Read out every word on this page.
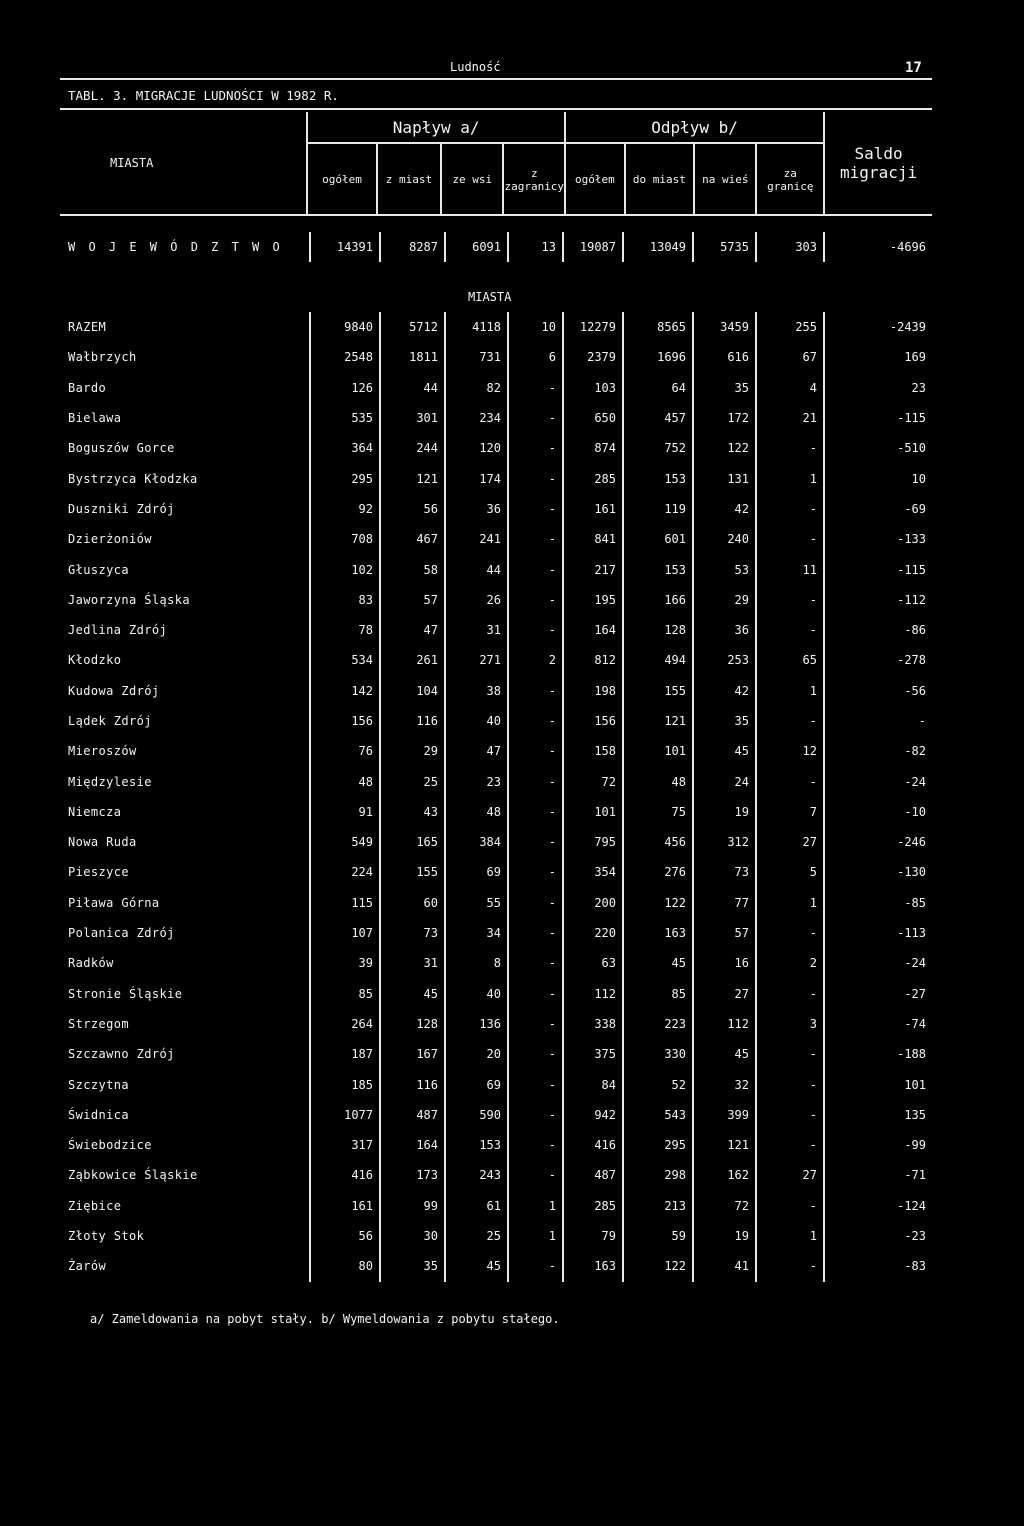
Ludność	17
TABL. 3. MIGRACJE LUDNOŚCI W 1982 R.
MIASTA	Napływ a/				Odpływ b/				Saldo migracji
	ogółem	z miast	ze wsi	z zagranicy	ogółem	do miast	na wieś	za granicę	
W O J E W Ó D Z T W O	14391	8287	6091	13	19087	13049	5735	303	-4696
MIASTA
RAZEM	9840	5712	4118	10	12279	8565	3459	255	-2439
Wałbrzych	2548	1811	731	6	2379	1696	616	67	169
Bardo	126	44	82	-	103	64	35	4	23
Bielawa	535	301	234	-	650	457	172	21	-115
Boguszów Gorce	364	244	120	-	874	752	122	-	-510
Bystrzyca Kłodzka	295	121	174	-	285	153	131	1	10
Duszniki Zdrój	92	56	36	-	161	119	42	-	-69
Dzierżoniów	708	467	241	-	841	601	240	-	-133
Głuszyca	102	58	44	-	217	153	53	11	-115
Jaworzyna Śląska	83	57	26	-	195	166	29	-	-112
Jedlina Zdrój	78	47	31	-	164	128	36	-	-86
Kłodzko	534	261	271	2	812	494	253	65	-278
Kudowa Zdrój	142	104	38	-	198	155	42	1	-56
Lądek Zdrój	156	116	40	-	156	121	35	-	-
Mieroszów	76	29	47	-	158	101	45	12	-82
Międzylesie	48	25	23	-	72	48	24	-	-24
Niemcza	91	43	48	-	101	75	19	7	-10
Nowa Ruda	549	165	384	-	795	456	312	27	-246
Pieszyce	224	155	69	-	354	276	73	5	-130
Piława Górna	115	60	55	-	200	122	77	1	-85
Polanica Zdrój	107	73	34	-	220	163	57	-	-113
Radków	39	31	8	-	63	45	16	2	-24
Stronie Śląskie	85	45	40	-	112	85	27	-	-27
Strzegom	264	128	136	-	338	223	112	3	-74
Szczawno Zdrój	187	167	20	-	375	330	45	-	-188
Szczytna	185	116	69	-	84	52	32	-	101
Świdnica	1077	487	590	-	942	543	399	-	135
Świebodzice	317	164	153	-	416	295	121	-	-99
Ząbkowice Śląskie	416	173	243	-	487	298	162	27	-71
Ziębice	161	99	61	1	285	213	72	-	-124
Złoty Stok	56	30	25	1	79	59	19	1	-23
Żarów	80	35	45	-	163	122	41	-	-83
a/ Zameldowania na pobyt stały. b/ Wymeldowania z pobytu stałego.
